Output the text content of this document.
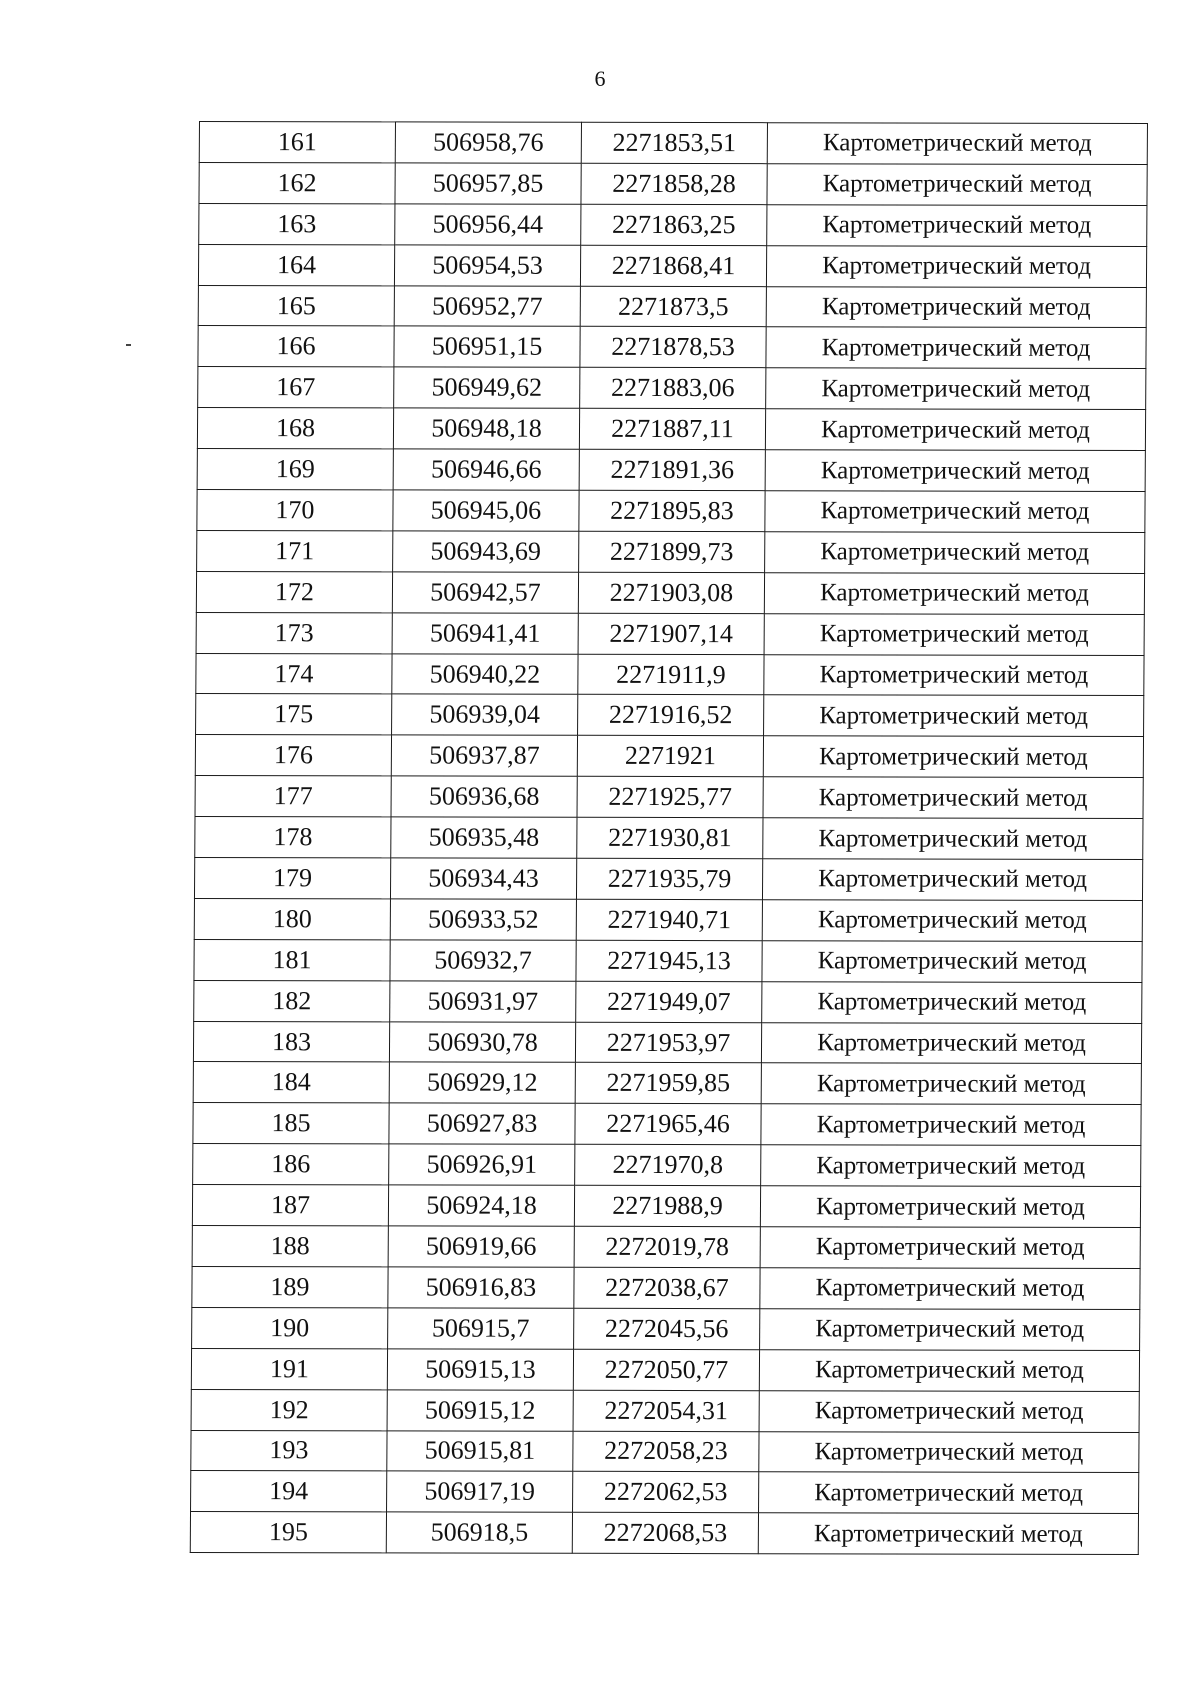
6
161	506958,76	2271853,51	Картометрический метод
162	506957,85	2271858,28	Картометрический метод
163	506956,44	2271863,25	Картометрический метод
164	506954,53	2271868,41	Картометрический метод
165	506952,77	2271873,5	Картометрический метод
166	506951,15	2271878,53	Картометрический метод
167	506949,62	2271883,06	Картометрический метод
168	506948,18	2271887,11	Картометрический метод
169	506946,66	2271891,36	Картометрический метод
170	506945,06	2271895,83	Картометрический метод
171	506943,69	2271899,73	Картометрический метод
172	506942,57	2271903,08	Картометрический метод
173	506941,41	2271907,14	Картометрический метод
174	506940,22	2271911,9	Картометрический метод
175	506939,04	2271916,52	Картометрический метод
176	506937,87	2271921	Картометрический метод
177	506936,68	2271925,77	Картометрический метод
178	506935,48	2271930,81	Картометрический метод
179	506934,43	2271935,79	Картометрический метод
180	506933,52	2271940,71	Картометрический метод
181	506932,7	2271945,13	Картометрический метод
182	506931,97	2271949,07	Картометрический метод
183	506930,78	2271953,97	Картометрический метод
184	506929,12	2271959,85	Картометрический метод
185	506927,83	2271965,46	Картометрический метод
186	506926,91	2271970,8	Картометрический метод
187	506924,18	2271988,9	Картометрический метод
188	506919,66	2272019,78	Картометрический метод
189	506916,83	2272038,67	Картометрический метод
190	506915,7	2272045,56	Картометрический метод
191	506915,13	2272050,77	Картометрический метод
192	506915,12	2272054,31	Картометрический метод
193	506915,81	2272058,23	Картометрический метод
194	506917,19	2272062,53	Картометрический метод
195	506918,5	2272068,53	Картометрический метод
